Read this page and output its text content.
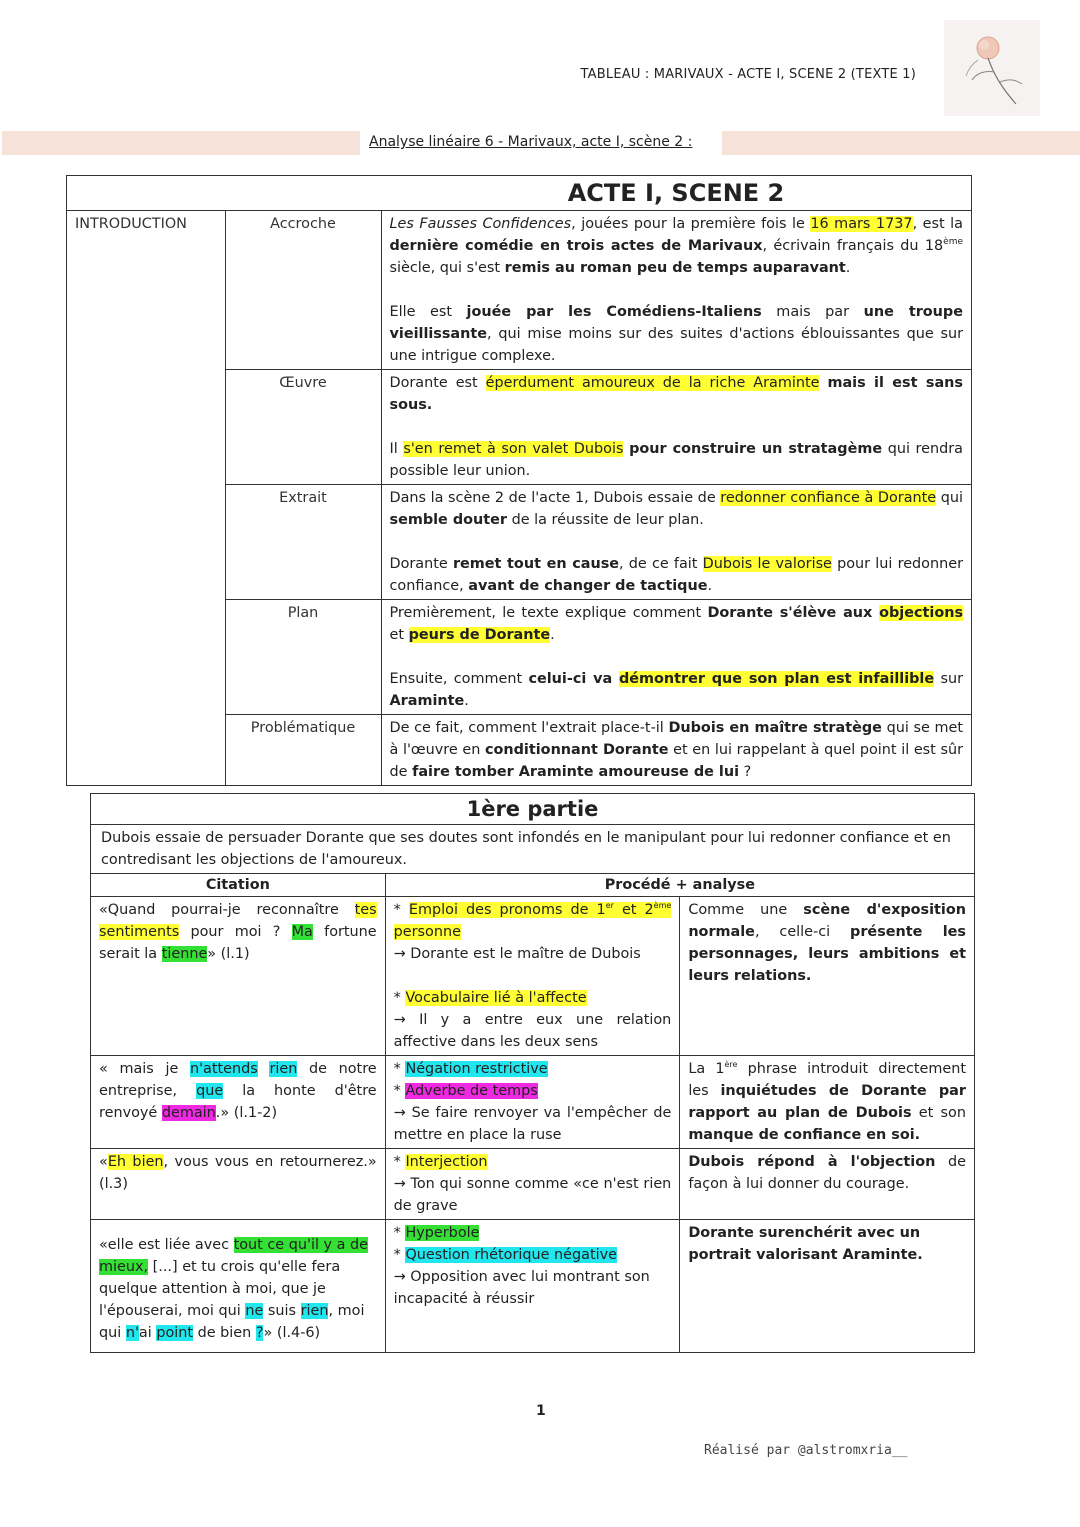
TABLEAU : MARIVAUX - ACTE I, SCENE 2 (TEXTE 1)
Analyse linéaire 6 - Marivaux, acte I, scène 2 :
		ACTE I, SCENE 2
INTRODUCTION	Accroche	Les Fausses Confidences, jouées pour la première fois le 16 mars 1737, est la dernière comédie en trois actes de Marivaux, écrivain français du 18ème siècle, qui s'est remis au roman peu de temps auparavant.
Elle est jouée par les Comédiens-Italiens mais par une troupe vieillissante, qui mise moins sur des suites d'actions éblouissantes que sur une intrigue complexe.
	Œuvre	Dorante est éperdument amoureux de la riche Araminte mais il est sans sous.
Il s'en remet à son valet Dubois pour construire un stratagème qui rendra possible leur union.
	Extrait	Dans la scène 2 de l'acte 1, Dubois essaie de redonner confiance à Dorante qui semble douter de la réussite de leur plan.
Dorante remet tout en cause, de ce fait Dubois le valorise pour lui redonner confiance, avant de changer de tactique.
	Plan	Premièrement, le texte explique comment Dorante s'élève aux objections et peurs de Dorante.
Ensuite, comment celui-ci va démontrer que son plan est infaillible sur Araminte.
	Problématique	De ce fait, comment l'extrait place-t-il Dubois en maître stratège qui se met à l'œuvre en conditionnant Dorante et en lui rappelant à quel point il est sûr de faire tomber Araminte amoureuse de lui ?
1ère partie		
Dubois essaie de persuader Dorante que ses doutes sont infondés en le manipulant pour lui redonner confiance et en contredisant les objections de l'amoureux.		
Citation	Procédé + analyse	
«Quand pourrai-je reconnaître tes sentiments pour moi ? Ma fortune serait la tienne» (l.1)	* Emploi des pronoms de 1er et 2ème personne
→ Dorante est le maître de Dubois
* Vocabulaire lié à l'affecte
→ Il y a entre eux une relation affective dans les deux sens	Comme une scène d'exposition normale, celle-ci présente les personnages, leurs ambitions et leurs relations.
« mais je n'attends rien de notre entreprise, que la honte d'être renvoyé demain.» (l.1-2)	* Négation restrictive
* Adverbe de temps
→ Se faire renvoyer va l'empêcher de mettre en place la ruse	La 1ère phrase introduit directement les inquiétudes de Dorante par rapport au plan de Dubois et son manque de confiance en soi.
«Eh bien, vous vous en retournerez.» (l.3)	* Interjection
→ Ton qui sonne comme «ce n'est rien de grave	Dubois répond à l'objection de façon à lui donner du courage.

«elle est liée avec tout ce qu'il y a de mieux, [...] et tu crois qu'elle fera quelque attention à moi, que je l'épouserai, moi qui ne suis rien, moi qui n'ai point de bien ?» (l.4-6)	* Hyperbole
* Question rhétorique négative
→ Opposition avec lui montrant son incapacité à réussir	Dorante surenchérit avec un portrait valorisant Araminte.
1
Réalisé par @alstromxria__
